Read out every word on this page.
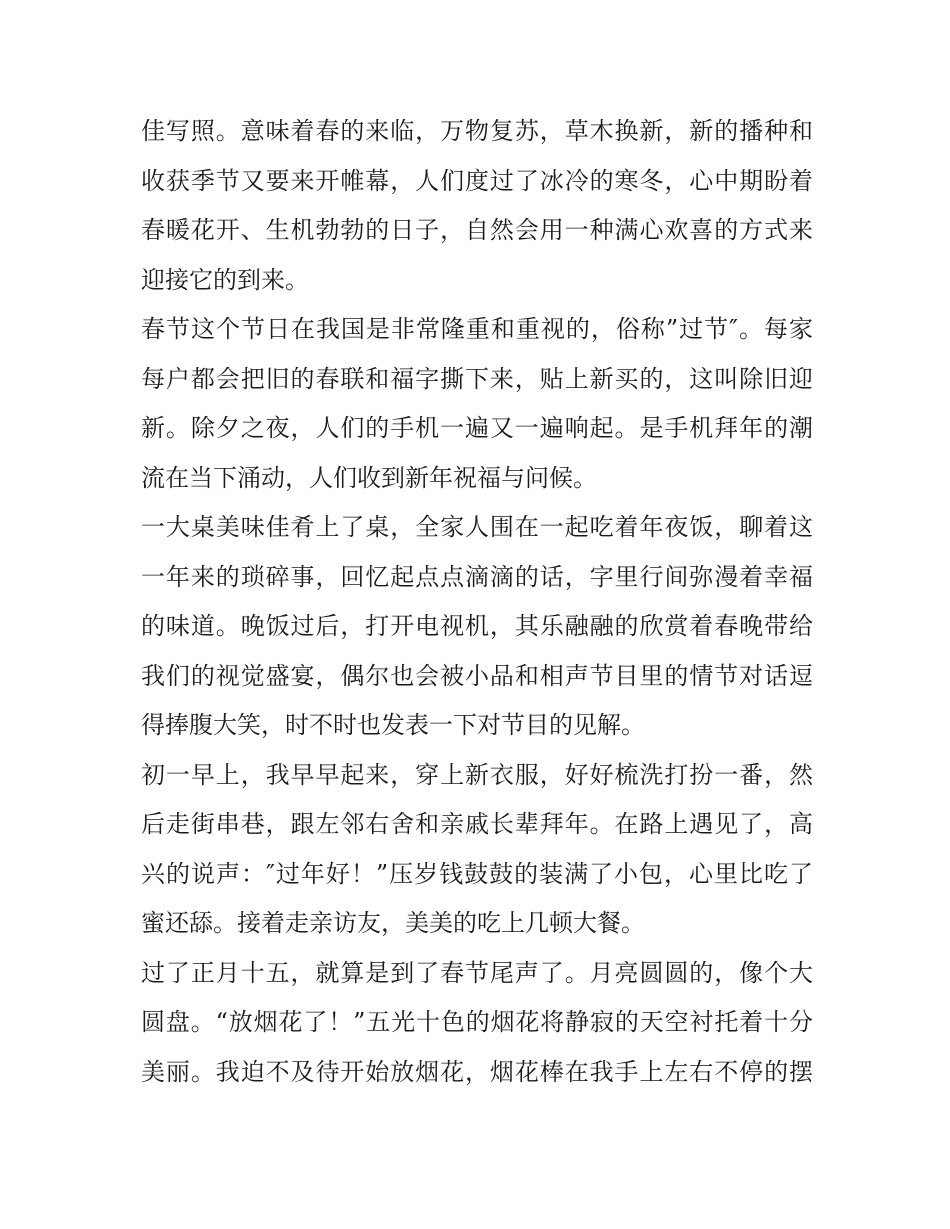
佳写照。意味着春的来临，万物复苏，草木换新，新的播种和
收获季节又要来开帷幕，人们度过了冰冷的寒冬，心中期盼着
春暖花开、生机勃勃的日子，自然会用一种满心欢喜的方式来
迎接它的到来。
春节这个节日在我国是非常隆重和重视的，俗称”过节″。每家
每户都会把旧的春联和福字撕下来，贴上新买的，这叫除旧迎
新。除夕之夜，人们的手机一遍又一遍响起。是手机拜年的潮
流在当下涌动，人们收到新年祝福与问候。
一大桌美味佳肴上了桌，全家人围在一起吃着年夜饭，聊着这
一年来的琐碎事，回忆起点点滴滴的话，字里行间弥漫着幸福
的味道。晚饭过后，打开电视机，其乐融融的欣赏着春晚带给
我们的视觉盛宴，偶尔也会被小品和相声节目里的情节对话逗
得捧腹大笑，时不时也发表一下对节目的见解。
初一早上，我早早起来，穿上新衣服，好好梳洗打扮一番，然
后走街串巷，跟左邻右舍和亲戚长辈拜年。在路上遇见了，高
兴的说声：″过年好！”压岁钱鼓鼓的装满了小包，心里比吃了
蜜还舔。接着走亲访友，美美的吃上几顿大餐。
过了正月十五，就算是到了春节尾声了。月亮圆圆的，像个大
圆盘。“放烟花了！”五光十色的烟花将静寂的天空衬托着十分
美丽。我迫不及待开始放烟花，烟花棒在我手上左右不停的摆
